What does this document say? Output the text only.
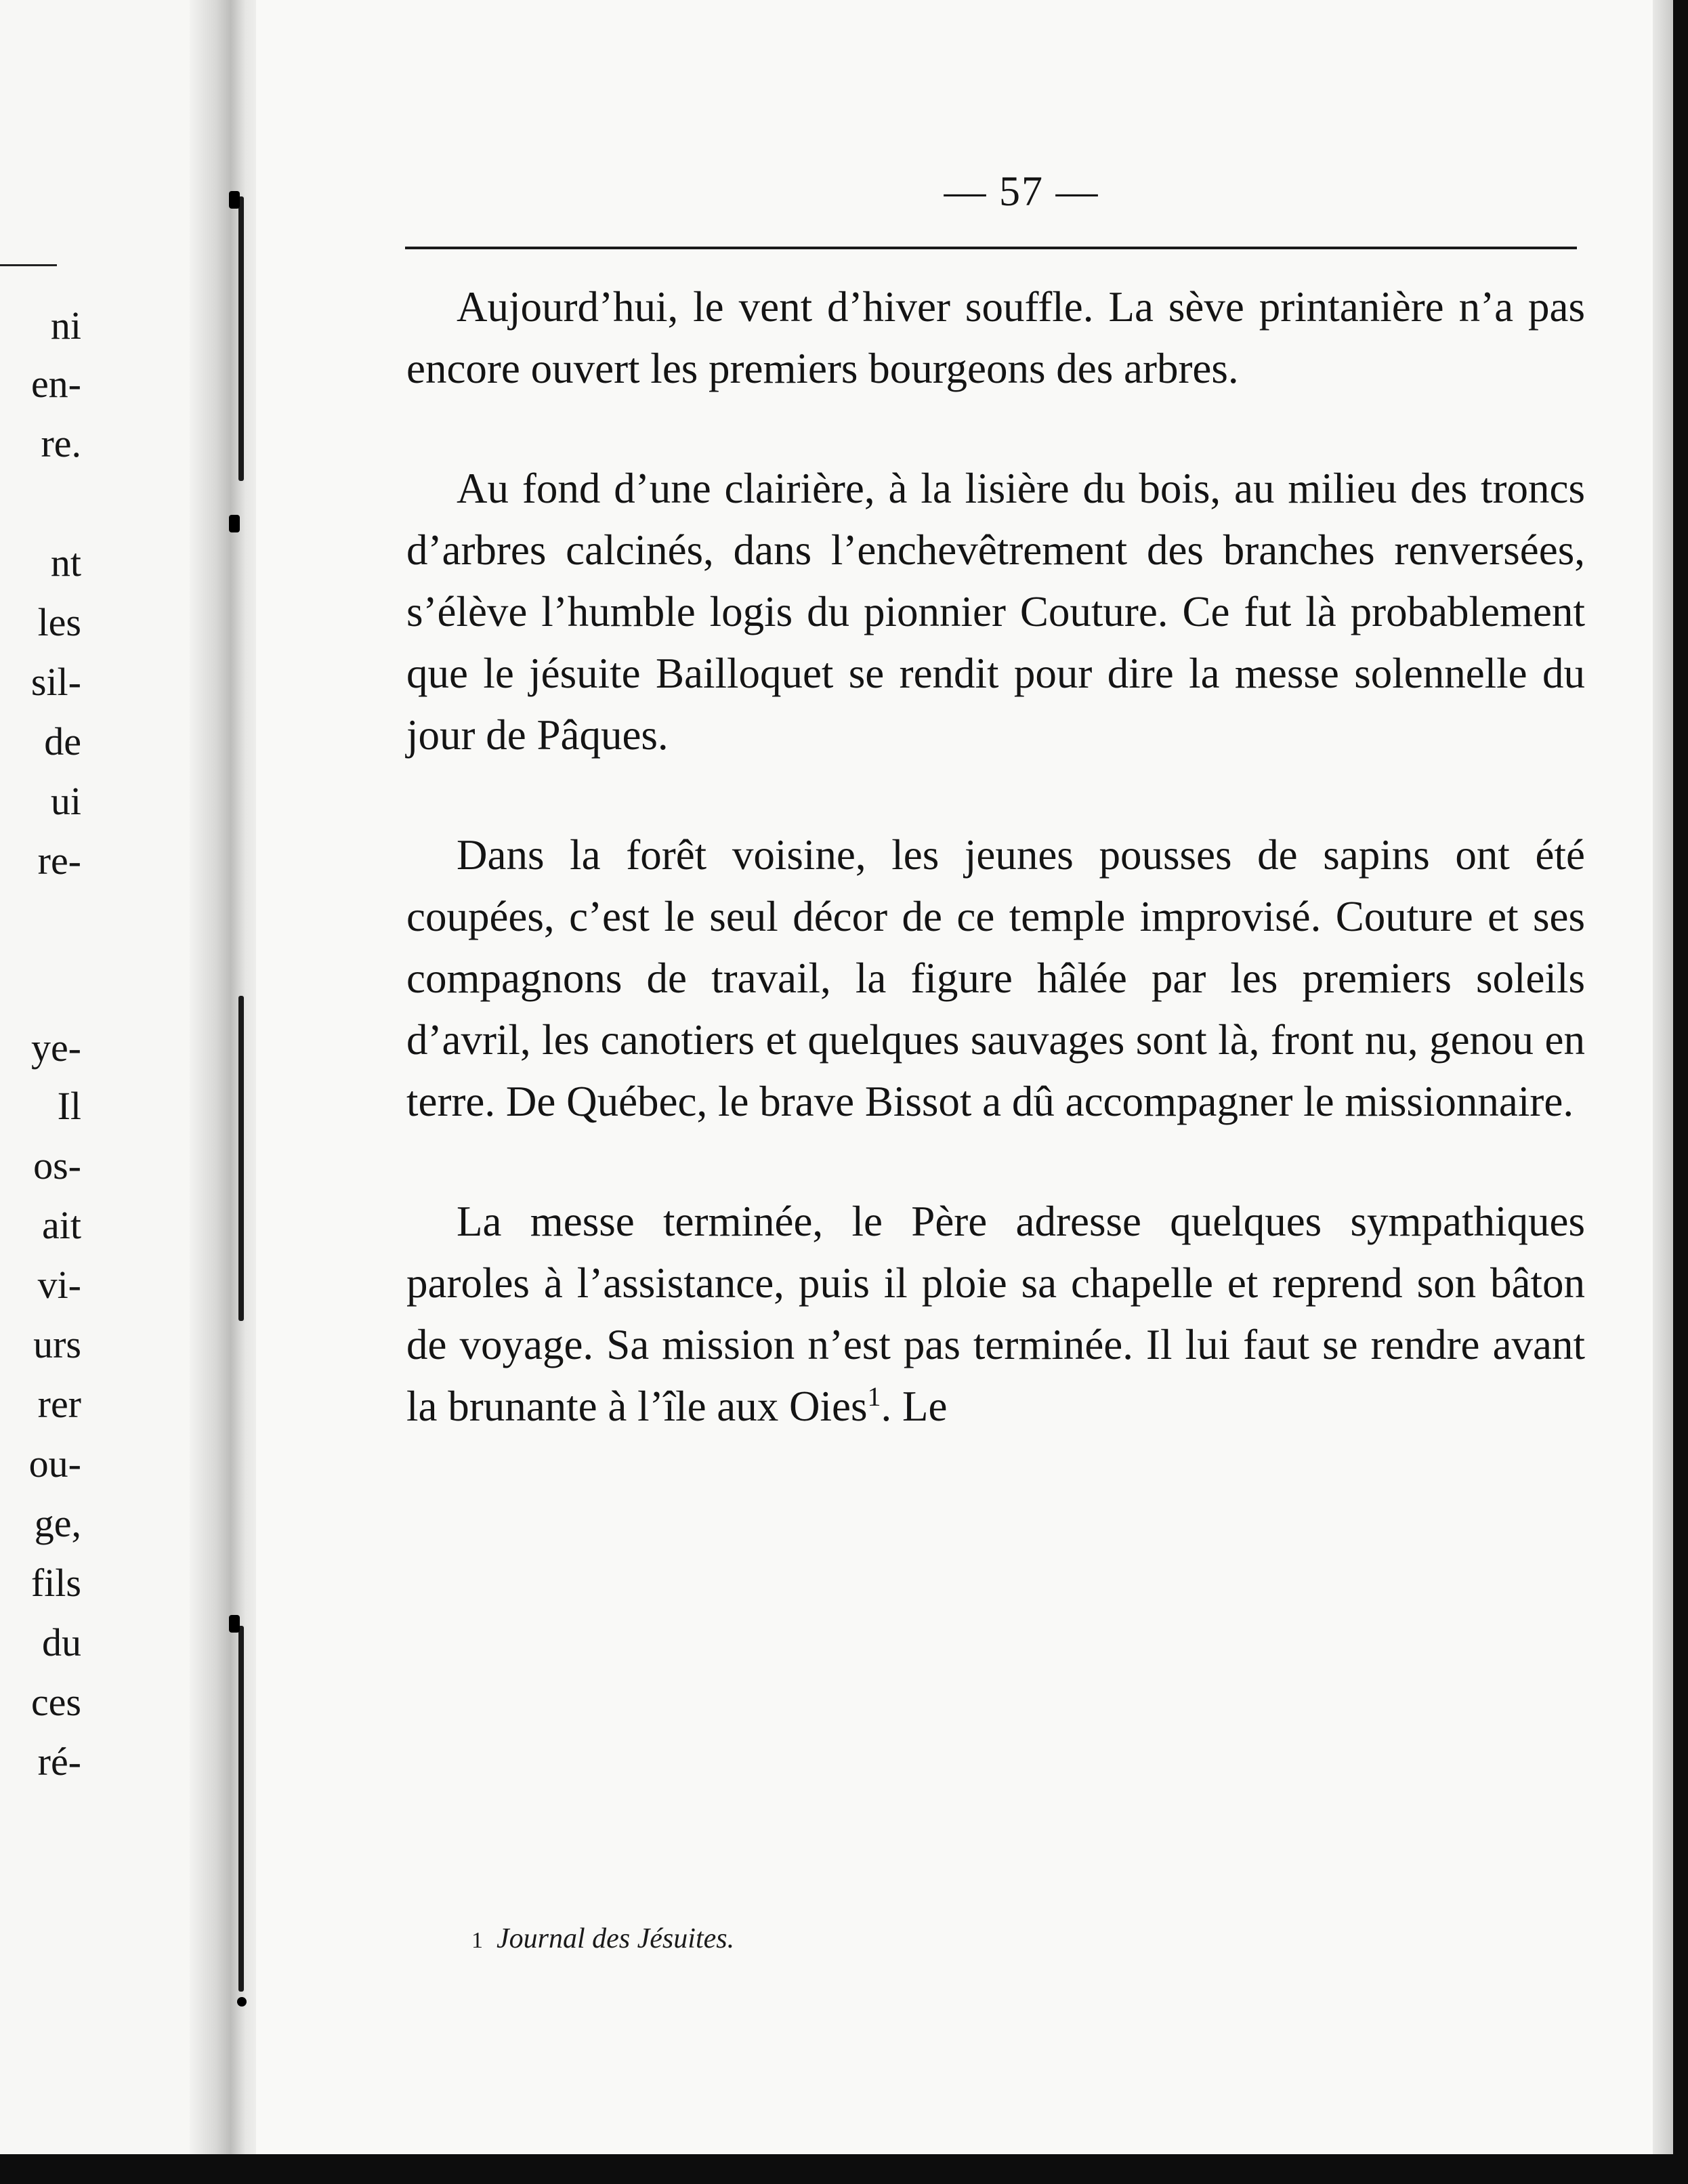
ni
en-
re.
nt
les
sil-
de
ui
re-
ye-
Il
os-
ait
vi-
urs
rer
ou-
ge,
fils
du
ces
ré-
— 57 —

Aujourd’hui, le vent d’hiver souffle. La sève printanière n’a pas encore ouvert les premiers bourgeons des arbres.

Au fond d’une clairière, à la lisière du bois, au milieu des troncs d’arbres calcinés, dans l’enchevêtrement des branches renversées, s’élève l’humble logis du pionnier Couture. Ce fut là probablement que le jésuite Bailloquet se rendit pour dire la messe solennelle du jour de Pâques.

Dans la forêt voisine, les jeunes pousses de sapins ont été coupées, c’est le seul décor de ce temple improvisé. Couture et ses compagnons de travail, la figure hâlée par les premiers soleils d’avril, les canotiers et quelques sauvages sont là, front nu, genou en terre. De Québec, le brave Bissot a dû accompagner le missionnaire.

La messe terminée, le Père adresse quelques sympathiques paroles à l’assistance, puis il ploie sa chapelle et reprend son bâton de voyage. Sa mission n’est pas terminée. Il lui faut se rendre avant la brunante à l’île aux Oies$^1$. Le

1 Journal des Jésuites.
